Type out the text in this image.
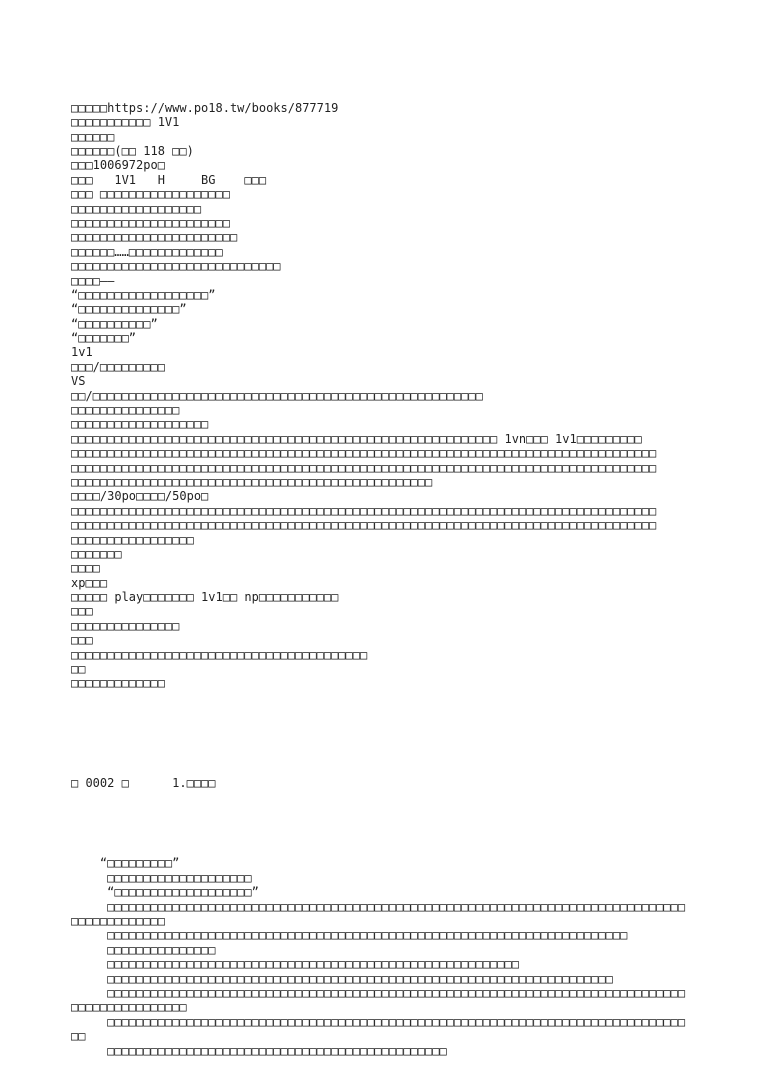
□□□□□https://www.po18.tw/books/877719
□□□□□□□□□□□ 1V1
□□□□□□
□□□□□□(□□ 118 □□)
□□□1006972po□
□□□   1V1   H     BG    □□□
□□□ □□□□□□□□□□□□□□□□□□
□□□□□□□□□□□□□□□□□□
□□□□□□□□□□□□□□□□□□□□□□
□□□□□□□□□□□□□□□□□□□□□□□
□□□□□□……□□□□□□□□□□□□□
□□□□□□□□□□□□□□□□□□□□□□□□□□□□□
□□□□——
“□□□□□□□□□□□□□□□□□□”
“□□□□□□□□□□□□□□”
“□□□□□□□□□□”
“□□□□□□□”
1v1
□□□/□□□□□□□□□
VS
□□/□□□□□□□□□□□□□□□□□□□□□□□□□□□□□□□□□□□□□□□□□□□□□□□□□□□□□□
□□□□□□□□□□□□□□□
□□□□□□□□□□□□□□□□□□□
□□□□□□□□□□□□□□□□□□□□□□□□□□□□□□□□□□□□□□□□□□□□□□□□□□□□□□□□□□□ 1vn□□□ 1v1□□□□□□□□□
□□□□□□□□□□□□□□□□□□□□□□□□□□□□□□□□□□□□□□□□□□□□□□□□□□□□□□□□□□□□□□□□□□□□□□□□□□□□□□□□□
□□□□□□□□□□□□□□□□□□□□□□□□□□□□□□□□□□□□□□□□□□□□□□□□□□□□□□□□□□□□□□□□□□□□□□□□□□□□□□□□□
□□□□□□□□□□□□□□□□□□□□□□□□□□□□□□□□□□□□□□□□□□□□□□□□□□
□□□□/30po□□□□/50po□
□□□□□□□□□□□□□□□□□□□□□□□□□□□□□□□□□□□□□□□□□□□□□□□□□□□□□□□□□□□□□□□□□□□□□□□□□□□□□□□□□
□□□□□□□□□□□□□□□□□□□□□□□□□□□□□□□□□□□□□□□□□□□□□□□□□□□□□□□□□□□□□□□□□□□□□□□□□□□□□□□□□
□□□□□□□□□□□□□□□□□
□□□□□□□
□□□□
xp□□□
□□□□□ play□□□□□□□ 1v1□□ np□□□□□□□□□□□
□□□
□□□□□□□□□□□□□□□
□□□
□□□□□□□□□□□□□□□□□□□□□□□□□□□□□□□□□□□□□□□□□
□□
□□□□□□□□□□□□□

□ 0002 □      1.□□□□

“□□□□□□□□□”
□□□□□□□□□□□□□□□□□□□□
“□□□□□□□□□□□□□□□□□□□”
□□□□□□□□□□□□□□□□□□□□□□□□□□□□□□□□□□□□□□□□□□□□□□□□□□□□□□□□□□□□□□□□□□□□□□□□□□□□□□□□
□□□□□□□□□□□□□
□□□□□□□□□□□□□□□□□□□□□□□□□□□□□□□□□□□□□□□□□□□□□□□□□□□□□□□□□□□□□□□□□□□□□□□□
□□□□□□□□□□□□□□□
□□□□□□□□□□□□□□□□□□□□□□□□□□□□□□□□□□□□□□□□□□□□□□□□□□□□□□□□□
□□□□□□□□□□□□□□□□□□□□□□□□□□□□□□□□□□□□□□□□□□□□□□□□□□□□□□□□□□□□□□□□□□□□□□
□□□□□□□□□□□□□□□□□□□□□□□□□□□□□□□□□□□□□□□□□□□□□□□□□□□□□□□□□□□□□□□□□□□□□□□□□□□□□□□□
□□□□□□□□□□□□□□□□
□□□□□□□□□□□□□□□□□□□□□□□□□□□□□□□□□□□□□□□□□□□□□□□□□□□□□□□□□□□□□□□□□□□□□□□□□□□□□□□□
□□
□□□□□□□□□□□□□□□□□□□□□□□□□□□□□□□□□□□□□□□□□□□□□□□
